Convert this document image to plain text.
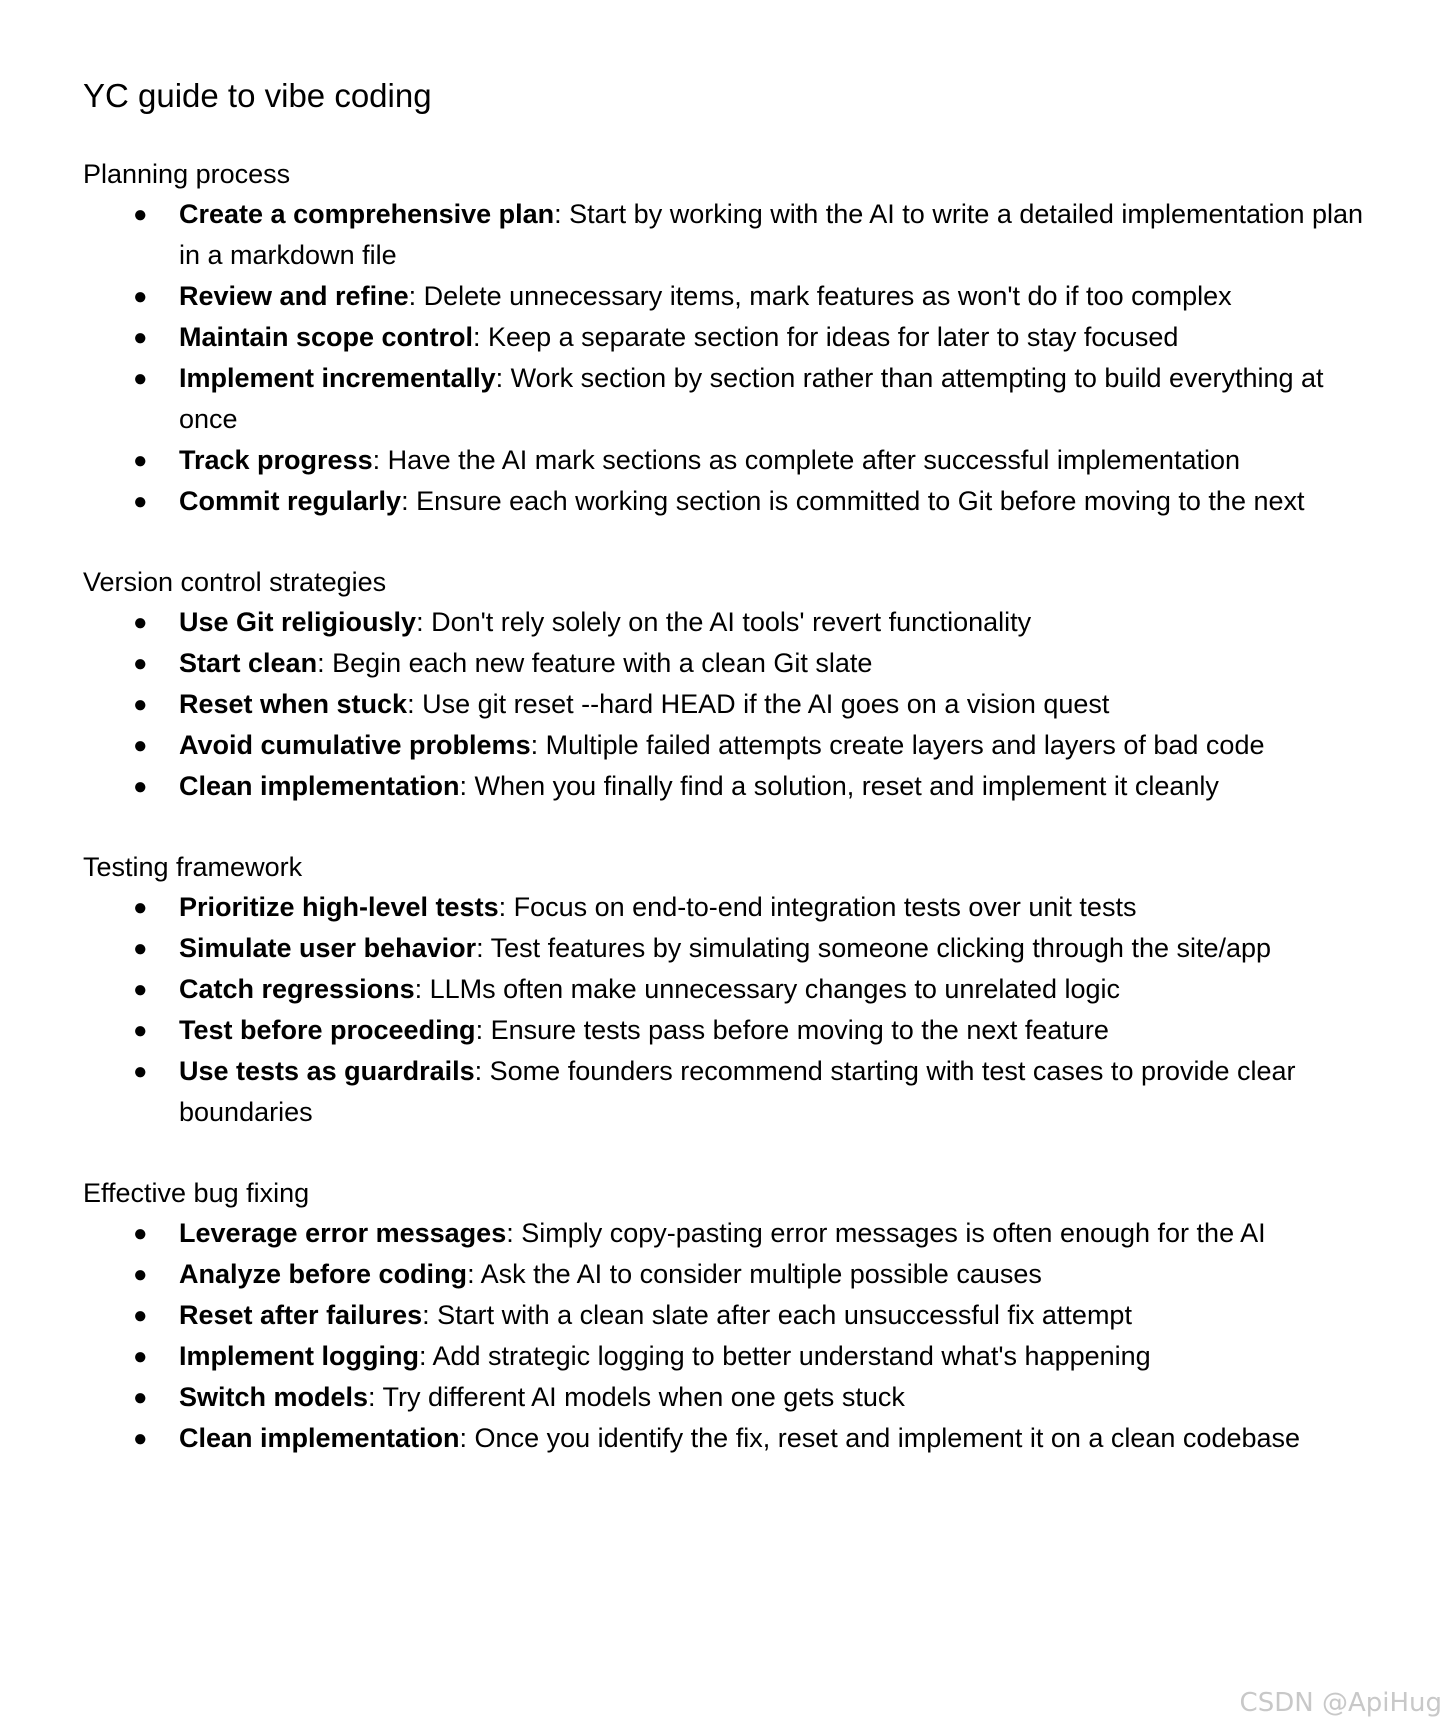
YC guide to vibe coding
Planning process
● Create a comprehensive plan: Start by working with the AI to write a detailed implementation plan in a markdown file
● Review and refine: Delete unnecessary items, mark features as won't do if too complex
● Maintain scope control: Keep a separate section for ideas for later to stay focused
● Implement incrementally: Work section by section rather than attempting to build everything at once
● Track progress: Have the AI mark sections as complete after successful implementation
● Commit regularly: Ensure each working section is committed to Git before moving to the next
Version control strategies
● Use Git religiously: Don't rely solely on the AI tools' revert functionality
● Start clean: Begin each new feature with a clean Git slate
● Reset when stuck: Use git reset --hard HEAD if the AI goes on a vision quest
● Avoid cumulative problems: Multiple failed attempts create layers and layers of bad code
● Clean implementation: When you finally find a solution, reset and implement it cleanly
Testing framework
● Prioritize high-level tests: Focus on end-to-end integration tests over unit tests
● Simulate user behavior: Test features by simulating someone clicking through the site/app
● Catch regressions: LLMs often make unnecessary changes to unrelated logic
● Test before proceeding: Ensure tests pass before moving to the next feature
● Use tests as guardrails: Some founders recommend starting with test cases to provide clear boundaries
Effective bug fixing
● Leverage error messages: Simply copy-pasting error messages is often enough for the AI
● Analyze before coding: Ask the AI to consider multiple possible causes
● Reset after failures: Start with a clean slate after each unsuccessful fix attempt
● Implement logging: Add strategic logging to better understand what's happening
● Switch models: Try different AI models when one gets stuck
● Clean implementation: Once you identify the fix, reset and implement it on a clean codebase
CSDN @ApiHug
